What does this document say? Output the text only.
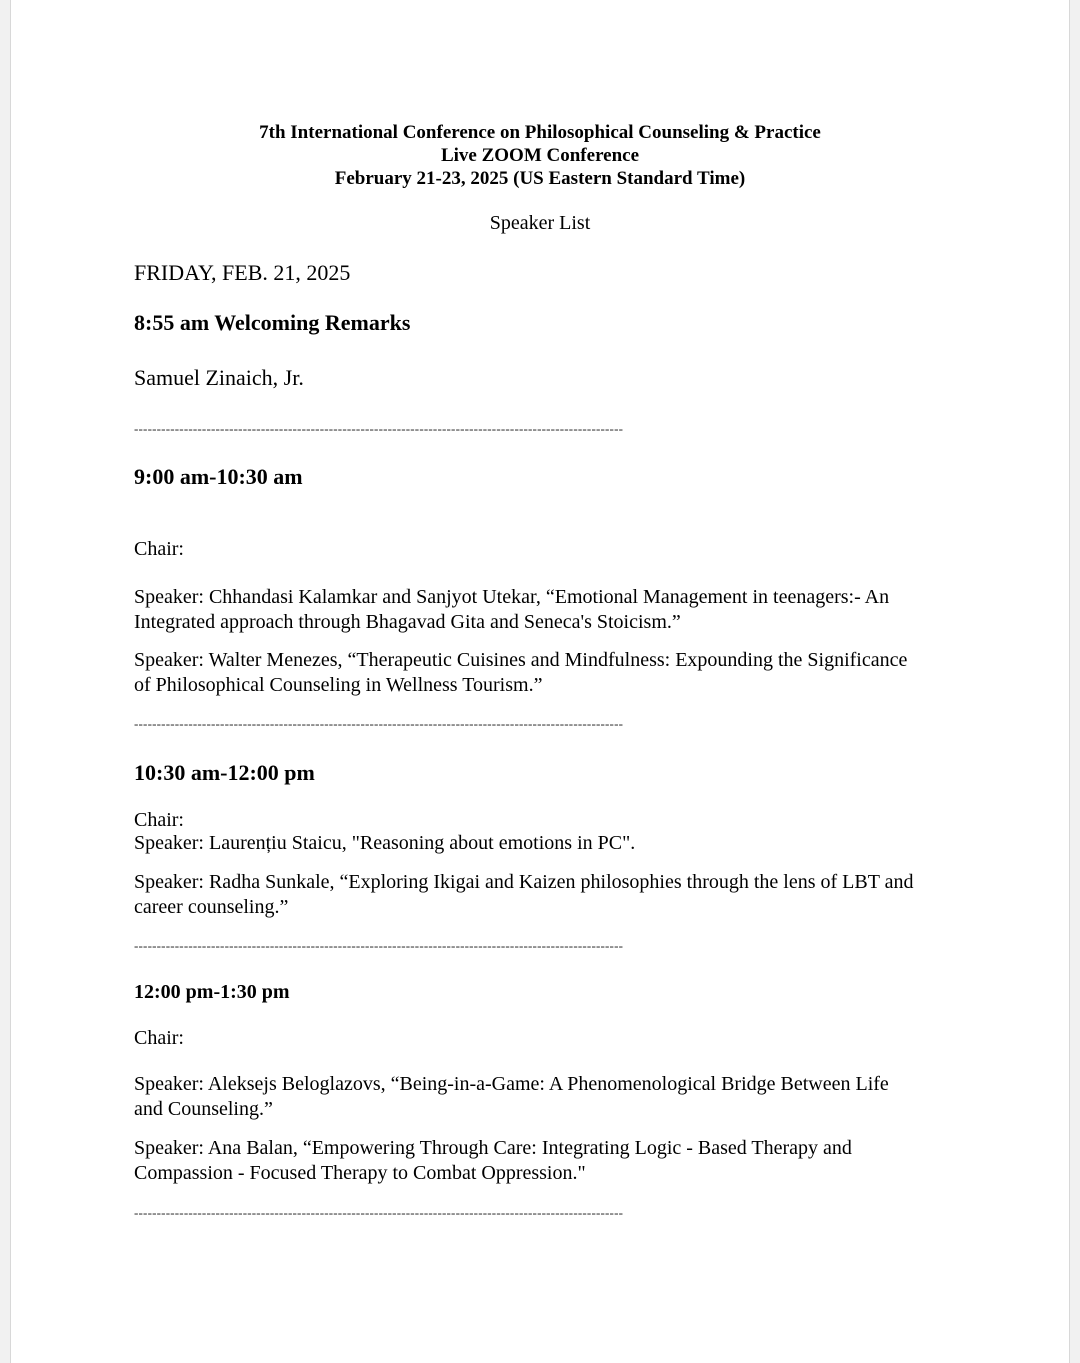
7th International Conference on Philosophical Counseling & Practice
Live ZOOM Conference
February 21-23, 2025 (US Eastern Standard Time)
Speaker List
FRIDAY, FEB. 21, 2025
8:55 am Welcoming Remarks
Samuel Zinaich, Jr.
------------------------------------------------------------------------------------------------------------
9:00 am-10:30 am
Chair:
Speaker: Chhandasi Kalamkar and Sanjyot Utekar, “Emotional Management in teenagers:- An
Integrated approach through Bhagavad Gita and Seneca's Stoicism.”
Speaker: Walter Menezes, “Therapeutic Cuisines and Mindfulness: Expounding the Significance
of Philosophical Counseling in Wellness Tourism.”
------------------------------------------------------------------------------------------------------------
10:30 am-12:00 pm
Chair:
Speaker: Laurențiu Staicu, "Reasoning about emotions in PC".
Speaker: Radha Sunkale, “Exploring Ikigai and Kaizen philosophies through the lens of LBT and
career counseling.”
------------------------------------------------------------------------------------------------------------
12:00 pm-1:30 pm
Chair:
Speaker: Aleksejs Beloglazovs, “Being-in-a-Game: A Phenomenological Bridge Between Life
and Counseling.”
Speaker: Ana Balan, “Empowering Through Care: Integrating Logic - Based Therapy and
Compassion - Focused Therapy to Combat Oppression."
------------------------------------------------------------------------------------------------------------
